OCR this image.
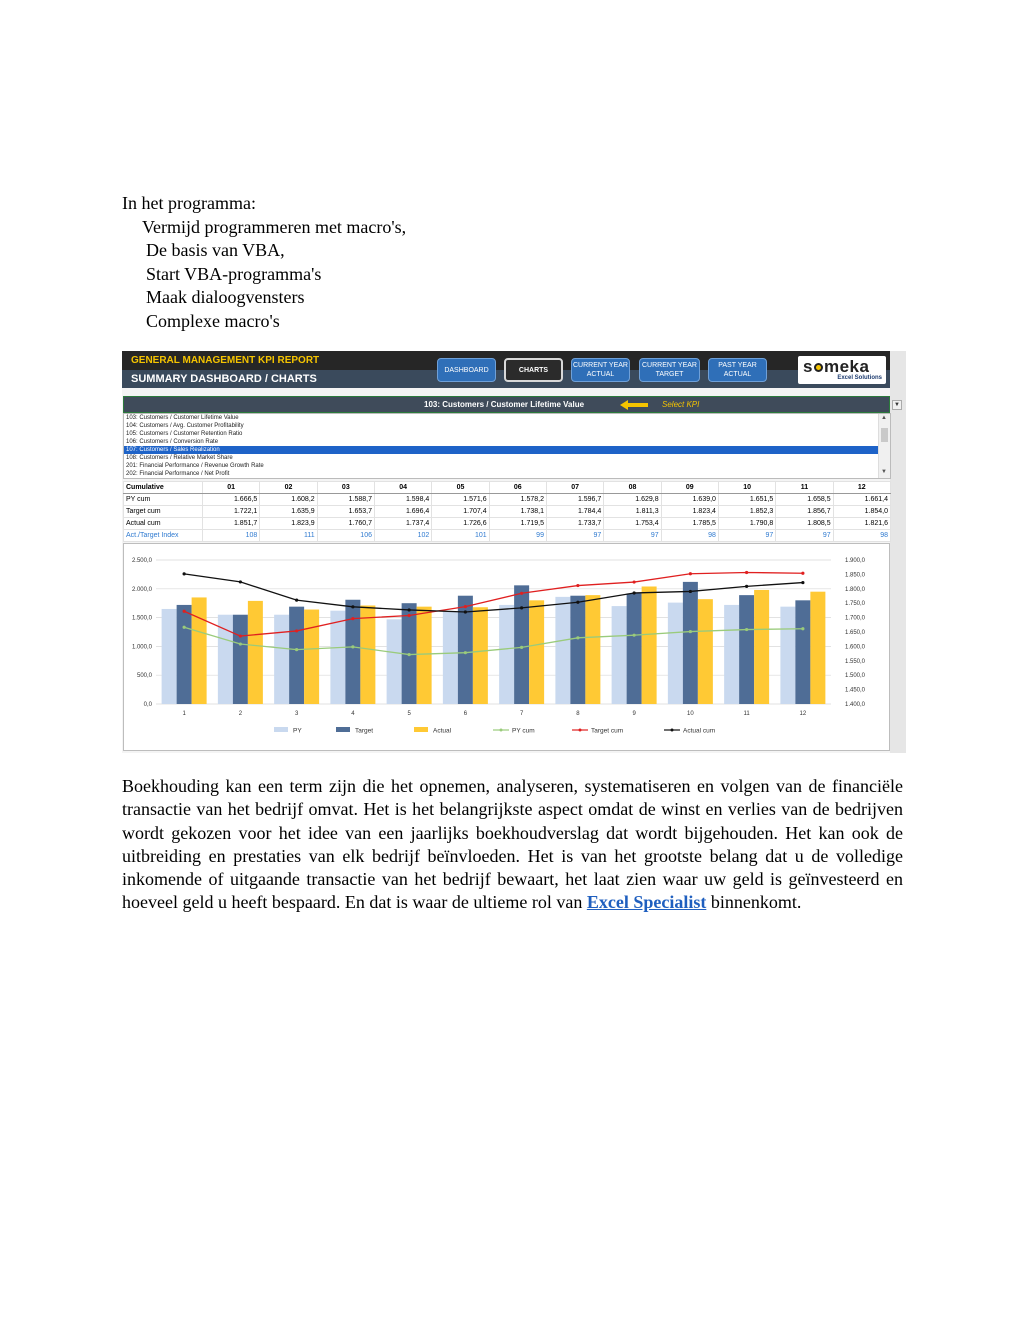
In het programma:
Vermijd programmeren met macro's,
De basis van VBA,
Start VBA-programma's
Maak dialoogvensters
Complexe macro's
GENERAL MANAGEMENT KPI REPORT
SUMMARY DASHBOARD / CHARTS
DASHBOARD	CHARTS
CURRENT YEAR
ACTUAL
CURRENT YEAR
TARGET
PAST YEAR
ACTUAL	s meka
Excel Solutions
103: Customers / Customer Lifetime Value	Select KPI	▼
103: Customers / Customer Lifetime Value
104: Customers / Avg. Customer Profitability
105: Customers / Customer Retention Ratio
106: Customers / Conversion Rate
107: Customers / Sales Realization
108: Customers / Relative Market Share
201: Financial Performance / Revenue Growth Rate
202: Financial Performance / Net Profit
▲
▼
Cumulative	01	02	03	04	05	06	07	08	09	10	11	12
PY cum	1.666,5	1.608,2	1.588,7	1.598,4	1.571,6	1.578,2	1.596,7	1.629,8	1.639,0	1.651,5	1.658,5	1.661,4
Target cum	1.722,1	1.635,9	1.653,7	1.696,4	1.707,4	1.738,1	1.784,4	1.811,3	1.823,4	1.852,3	1.856,7	1.854,0
Actual cum	1.851,7	1.823,9	1.760,7	1.737,4	1.726,6	1.719,5	1.733,7	1.753,4	1.785,5	1.790,8	1.808,5	1.821,6
Act./Target Index	108	111	106	102	101	99	97	97	98	97	97	98
0,0
500,0
1.000,0
1.500,0
2.000,0
2.500,0
1.400,0
1.450,0
1.500,0
1.550,0
1.600,0
1.650,0
1.700,0
1.750,0
1.800,0
1.850,0
1.900,0
1	2	3	4	5	6	7	8	9	10	11	12
PY	Target	Actual	PY cum	Target cum	Actual cum
Boekhouding kan een term zijn die het opnemen, analyseren, systematiseren en volgen van de financiële transactie van het bedrijf omvat. Het is het belangrijkste aspect omdat de winst en verlies van de bedrijven wordt gekozen voor het idee van een jaarlijks boekhoudverslag dat wordt bijgehouden. Het kan ook de uitbreiding en prestaties van elk bedrijf beïnvloeden. Het is van het grootste belang dat u de volledige inkomende of uitgaande transactie van het bedrijf bewaart, het laat zien waar uw geld is geïnvesteerd en hoeveel geld u heeft bespaard. En dat is waar de ultieme rol van Excel Specialist binnenkomt.
